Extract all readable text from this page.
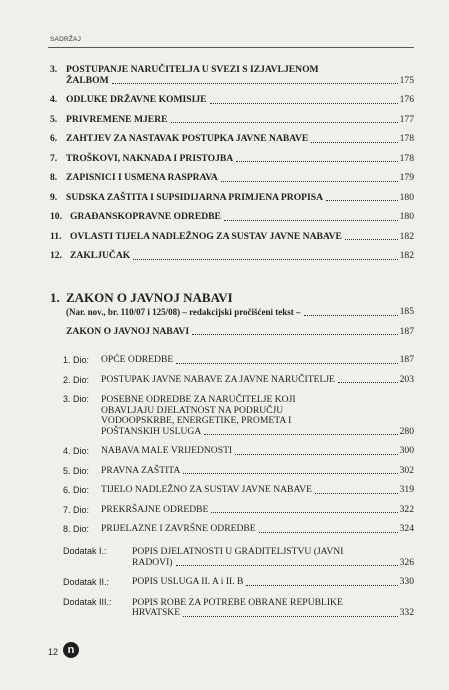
SADRŽAJ
3. POSTUPANJE NARUČITELJA U SVEZI S IZJAVLJENOM
ŽALBOM	175
4. ODLUKE DRŽAVNE KOMISIJE	176
5. PRIVREMENE MJERE	177
6. ZAHTJEV ZA NASTAVAK POSTUPKA JAVNE NABAVE	178
7. TROŠKOVI, NAKNADA I PRISTOJBA	178
8. ZAPISNICI I USMENA RASPRAVA	179
9. SUDSKA ZAŠTITA I SUPSIDIJARNA PRIMJENA PROPISA	180
10. GRAĐANSKOPRAVNE ODREDBE	180
11. OVLASTI TIJELA NADLEŽNOG ZA SUSTAV JAVNE NABAVE	182
12. ZAKLJUČAK	182
1. ZAKON O JAVNOJ NABAVI
(Nar. nov., br. 110/07 i 125/08) – redakcijski pročišćeni tekst –	185
ZAKON O JAVNOJ NABAVI	187
1. Dio:	OPĆE ODREDBE	187
2. Dio:	POSTUPAK JAVNE NABAVE ZA JAVNE NARUČITELJE	203
3. Dio: POSEBNE ODREDBE ZA NARUČITELJE KOJI
OBAVLJAJU DJELATNOST NA PODRUČJU
VODOOPSKRBE, ENERGETIKE, PROMETA I
POŠTANSKIH USLUGA	280
4. Dio:	NABAVA MALE VRIJEDNOSTI	300
5. Dio:	PRAVNA ZAŠTITA	302
6. Dio:	TIJELO NADLEŽNO ZA SUSTAV JAVNE NABAVE	319
7. Dio:	PREKRŠAJNE ODREDBE	322
8. Dio:	PRIJELAZNE I ZAVRŠNE ODREDBE	324
Dodatak I.:	POPIS DJELATNOSTI U GRADITELJSTVU (JAVNI
RADOVI)	326
Dodatak II.:	POPIS USLUGA II. A i II. B	330
Dodatak III.: POPIS ROBE ZA POTREBE OBRANE REPUBLIKE
HRVATSKE	332
12 n
